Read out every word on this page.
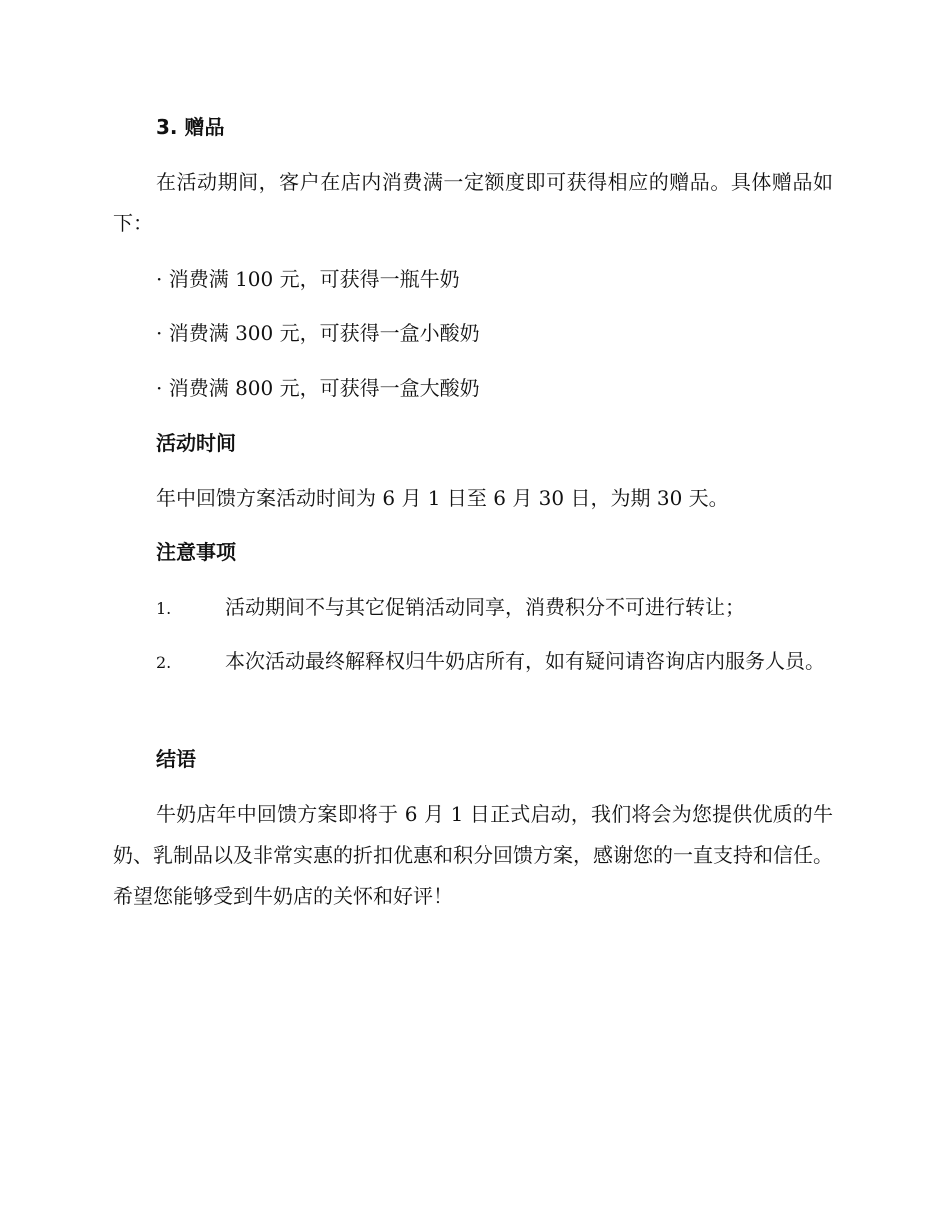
3. 赠品

在活动期间，客户在店内消费满一定额度即可获得相应的赠品。具体赠品如下：

· 消费满 100 元，可获得一瓶牛奶

· 消费满 300 元，可获得一盒小酸奶

· 消费满 800 元，可获得一盒大酸奶

活动时间

年中回馈方案活动时间为 6 月 1 日至 6 月 30 日，为期 30 天。

注意事项

1.	活动期间不与其它促销活动同享，消费积分不可进行转让；

2.	本次活动最终解释权归牛奶店所有，如有疑问请咨询店内服务人员。

结语

牛奶店年中回馈方案即将于 6 月 1 日正式启动，我们将会为您提供优质的牛奶、乳制品以及非常实惠的折扣优惠和积分回馈方案，感谢您的一直支持和信任。希望您能够受到牛奶店的关怀和好评！
